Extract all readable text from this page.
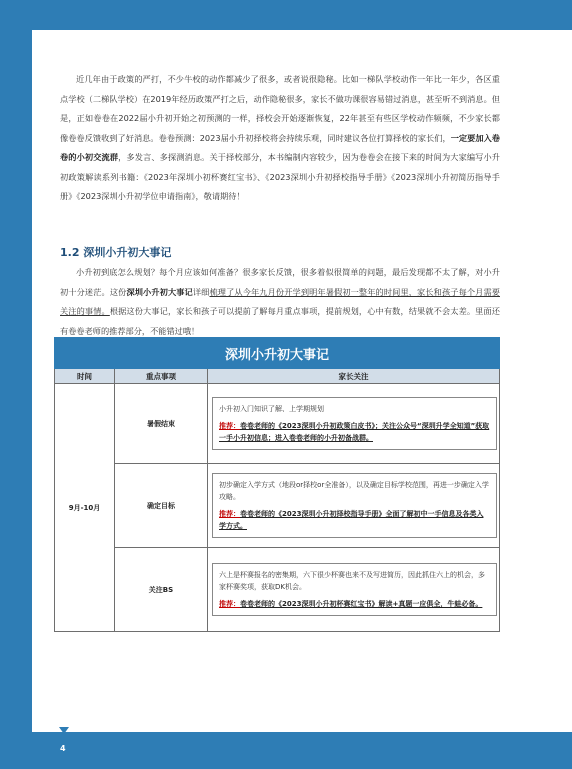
近几年由于政策的严打，不少牛校的动作都减少了很多，或者说很隐秘。比如一梯队学校动作一年比一年少，各区重点学校（二梯队学校）在2019年经历政策严打之后，动作隐秘很多，家长不做功课很容易错过消息，甚至听不到消息。但是，正如卷卷在2022届小升初开始之初预测的一样，择校会开始逐渐恢复，22年甚至有些区学校动作频频，不少家长都像卷卷反馈收到了好消息。卷卷预测：2023届小升初择校将会持续乐观，同时建议各位打算择校的家长们，一定要加入卷卷的小初交流群，多发言、多探测消息。关于择校部分，本书编制内容较少，因为卷卷会在接下来的时间为大家编写小升初政策解读系列书籍：《2023年深圳小初杯赛红宝书》、《2023深圳小升初择校指导手册》《2023深圳小升初简历指导手册》《2023深圳小升初学位申请指南》，敬请期待！

1.2 深圳小升初大事记

小升初到底怎么规划？每个月应该如何准备？很多家长反馈，很多着似很简单的问题，最后发现都不太了解，对小升初十分迷茫。这份深圳小升初大事记详细梳理了从今年九月份开学到明年暑假初一整年的时间里，家长和孩子每个月需要关注的事情。根据这份大事记，家长和孩子可以提前了解每月重点事项，提前规划，心中有数，结果就不会太差。里面还有卷卷老师的推荐部分，不能错过哦！

深圳小升初大事记		
时间	重点事项	家长关注
9月-10月	暑假结束	小升初入门知识了解、上学期规划
推荐：卷卷老师的《2023深圳小升初政策白皮书》；关注公众号“深圳升学全知道”获取一手小升初信息；进入卷卷老师的小升初备战群。

	确定目标	初步确定入学方式（地段or择校or全准备），以及确定目标学校范围，再进一步确定入学攻略。
推荐：卷卷老师的《2023深圳小升初择校指导手册》全面了解初中一手信息及各类入学方式。

	关注BS	六上是杯赛报名的密集期，六下很少杯赛也来不及写进简历，因此抓住六上的机会，多家杯赛奖项，获取DK机会。
推荐：卷卷老师的《2023深圳小升初杯赛红宝书》解读+真题一应俱全，牛蛙必备。
4
